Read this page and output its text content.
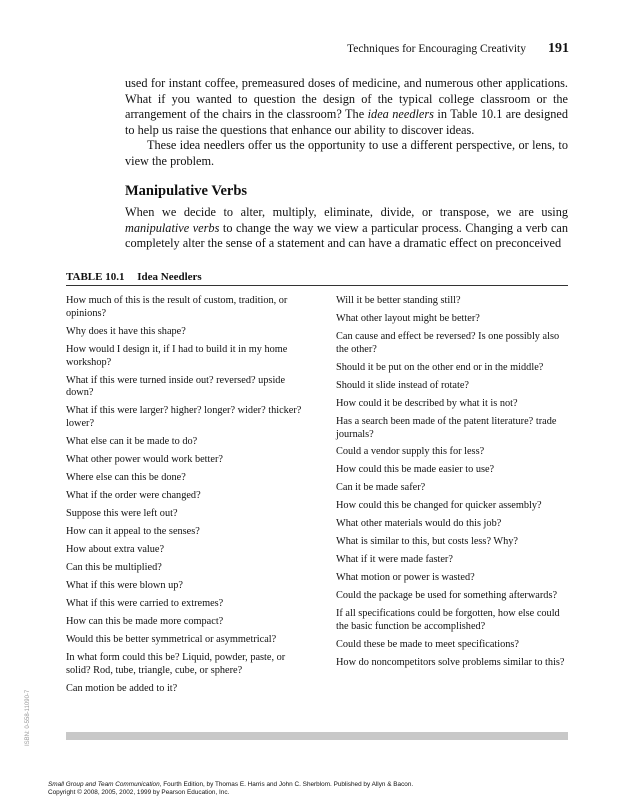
Techniques for Encouraging Creativity 191

used for instant coffee, premeasured doses of medicine, and numerous other applications. What if you wanted to question the design of the typical college classroom or the arrangement of the chairs in the classroom? The idea needlers in Table 10.1 are designed to help us raise the questions that enhance our ability to discover ideas.

These idea needlers offer us the opportunity to use a different perspective, or lens, to view the problem.

Manipulative Verbs

When we decide to alter, multiply, eliminate, divide, or transpose, we are using manipulative verbs to change the way we view a particular process. Changing a verb can completely alter the sense of a statement and can have a dramatic effect on preconceived

TABLE 10.1 Idea Needlers
How much of this is the result of custom, tradition, or opinions?
Why does it have this shape?
How would I design it, if I had to build it in my home workshop?
What if this were turned inside out? reversed? upside down?
What if this were larger? higher? longer? wider? thicker? lower?
What else can it be made to do?
What other power would work better?
Where else can this be done?
What if the order were changed?
Suppose this were left out?
How can it appeal to the senses?
How about extra value?
Can this be multiplied?
What if this were blown up?
What if this were carried to extremes?
How can this be made more compact?
Would this be better symmetrical or asymmetrical?
In what form could this be? Liquid, powder, paste, or solid? Rod, tube, triangle, cube, or sphere?
Can motion be added to it?
Will it be better standing still?
What other layout might be better?
Can cause and effect be reversed? Is one possibly also the other?
Should it be put on the other end or in the middle?
Should it slide instead of rotate?
How could it be described by what it is not?
Has a search been made of the patent literature? trade journals?
Could a vendor supply this for less?
How could this be made easier to use?
Can it be made safer?
How could this be changed for quicker assembly?
What other materials would do this job?
What is similar to this, but costs less? Why?
What if it were made faster?
What motion or power is wasted?
Could the package be used for something afterwards?
If all specifications could be forgotten, how else could the basic function be accomplished?
Could these be made to meet specifications?
How do noncompetitors solve problems similar to this?
ISBN: 0-558-11090-7
Small Group and Team Communication, Fourth Edition, by Thomas E. Harris and John C. Sherblom. Published by Allyn & Bacon.
Copyright © 2008, 2005, 2002, 1999 by Pearson Education, Inc.
